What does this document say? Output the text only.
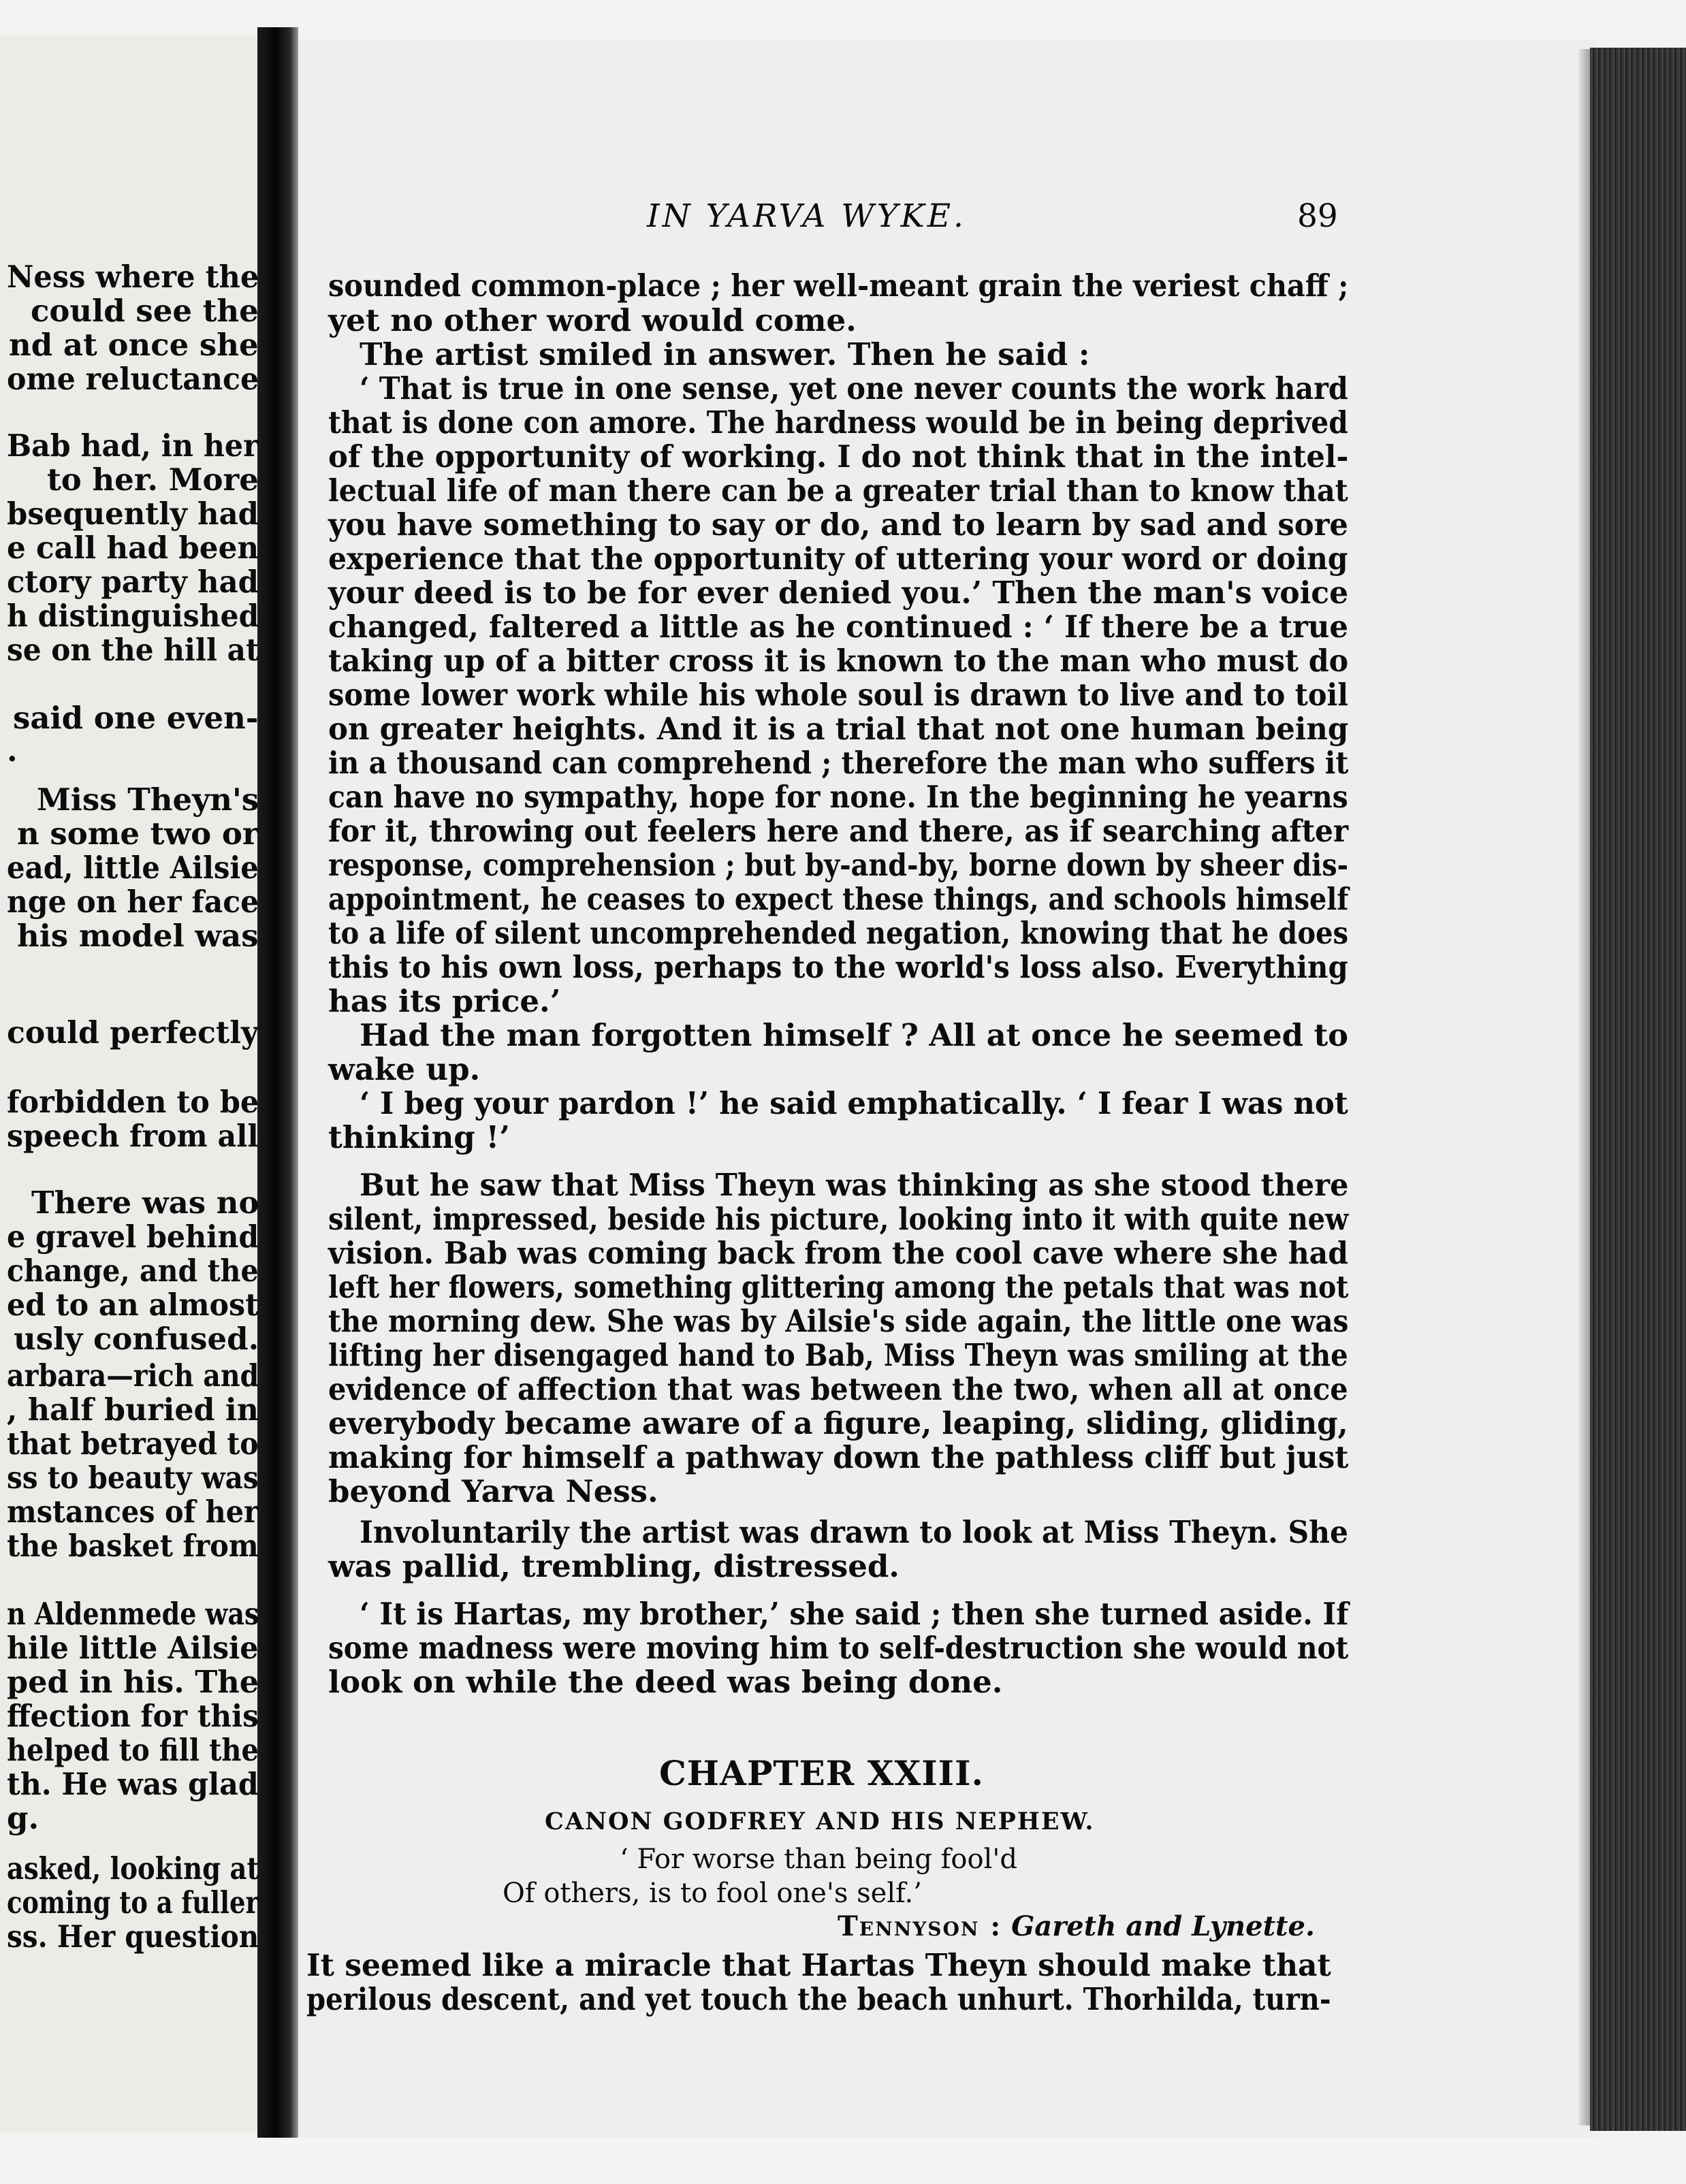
Ness where the
could see the
nd at once she
ome reluctance
Bab had, in her
to her. More
bsequently had
e call had been
ctory party had
h distinguished
se on the hill at
said one even-
.
Miss Theyn's
n some two or
ead, little Ailsie
nge on her face
his model was
could perfectly
forbidden to be
speech from all
There was no
e gravel behind
change, and the
ed to an almost
usly confused.
arbara—rich and
, half buried in
that betrayed to
ss to beauty was
mstances of her
the basket from
n Aldenmede was
hile little Ailsie
ped in his. The
ffection for this
helped to fill the
th. He was glad
g.
asked, looking at
coming to a fuller
ss. Her question
IN YARVA WYKE.	89
sounded common-place ; her well-meant grain the veriest chaff ;
yet no other word would come.
The artist smiled in answer. Then he said :
‘ That is true in one sense, yet one never counts the work hard
that is done con amore. The hardness would be in being deprived
of the opportunity of working. I do not think that in the intel-
lectual life of man there can be a greater trial than to know that
you have something to say or do, and to learn by sad and sore
experience that the opportunity of uttering your word or doing
your deed is to be for ever denied you.’ Then the man's voice
changed, faltered a little as he continued : ‘ If there be a true
taking up of a bitter cross it is known to the man who must do
some lower work while his whole soul is drawn to live and to toil
on greater heights. And it is a trial that not one human being
in a thousand can comprehend ; therefore the man who suffers it
can have no sympathy, hope for none. In the beginning he yearns
for it, throwing out feelers here and there, as if searching after
response, comprehension ; but by-and-by, borne down by sheer dis-
appointment, he ceases to expect these things, and schools himself
to a life of silent uncomprehended negation, knowing that he does
this to his own loss, perhaps to the world's loss also. Everything
has its price.’
Had the man forgotten himself ? All at once he seemed to
wake up.
‘ I beg your pardon !’ he said emphatically. ‘ I fear I was not
thinking !’
But he saw that Miss Theyn was thinking as she stood there
silent, impressed, beside his picture, looking into it with quite new
vision. Bab was coming back from the cool cave where she had
left her flowers, something glittering among the petals that was not
the morning dew. She was by Ailsie's side again, the little one was
lifting her disengaged hand to Bab, Miss Theyn was smiling at the
evidence of affection that was between the two, when all at once
everybody became aware of a figure, leaping, sliding, gliding,
making for himself a pathway down the pathless cliff but just
beyond Yarva Ness.
Involuntarily the artist was drawn to look at Miss Theyn. She
was pallid, trembling, distressed.
‘ It is Hartas, my brother,’ she said ; then she turned aside. If
some madness were moving him to self-destruction she would not
look on while the deed was being done.
CHAPTER XXIII.
CANON GODFREY AND HIS NEPHEW.
‘ For worse than being fool'd
Of others, is to fool one's self.’
Tennyson : Gareth and Lynette.
It seemed like a miracle that Hartas Theyn should make that
perilous descent, and yet touch the beach unhurt. Thorhilda, turn-
